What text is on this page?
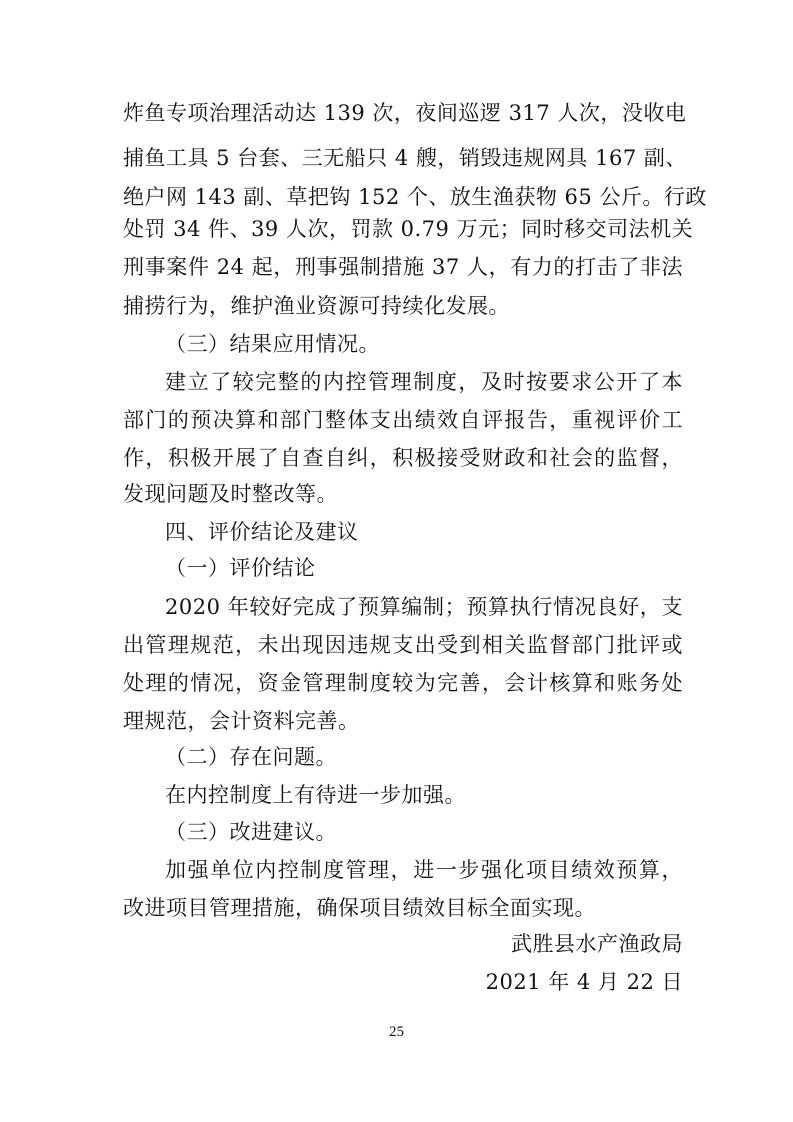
炸鱼专项治理活动达 139 次，夜间巡逻 317 人次，没收电
捕鱼工具 5 台套、三无船只 4 艘，销毁违规网具 167 副、
绝户网 143 副、草把钩 152 个、放生渔获物 65 公斤。行政
处罚 34 件、39 人次，罚款 0.79 万元；同时移交司法机关
刑事案件 24 起，刑事强制措施 37 人，有力的打击了非法
捕捞行为，维护渔业资源可持续化发展。
（三）结果应用情况。
建立了较完整的内控管理制度，及时按要求公开了本
部门的预决算和部门整体支出绩效自评报告，重视评价工
作，积极开展了自查自纠，积极接受财政和社会的监督，
发现问题及时整改等。
四、评价结论及建议
（一）评价结论
2020 年较好完成了预算编制；预算执行情况良好，支
出管理规范，未出现因违规支出受到相关监督部门批评或
处理的情况，资金管理制度较为完善，会计核算和账务处
理规范，会计资料完善。
（二）存在问题。
在内控制度上有待进一步加强。
（三）改进建议。
加强单位内控制度管理，进一步强化项目绩效预算，
改进项目管理措施，确保项目绩效目标全面实现。
武胜县水产渔政局
2021 年 4 月 22 日
25
